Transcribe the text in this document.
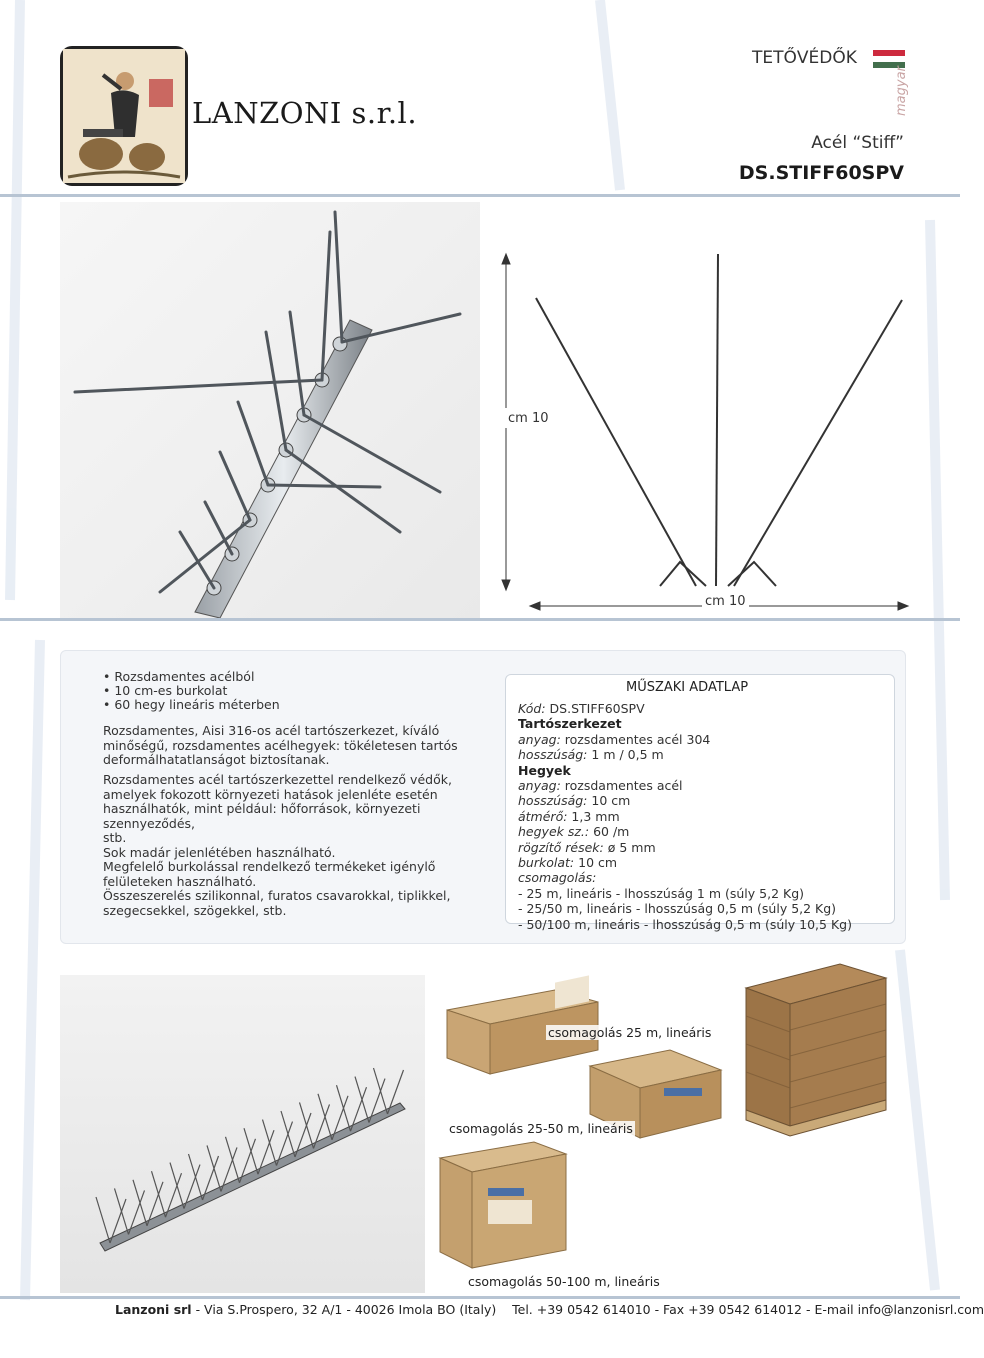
LANZONI s.r.l.
TETŐVÉDŐK
magyar
Acél “Stiff”
DS.STIFF60SPV
cm 10
cm 10
• Rozsdamentes acélból
• 10 cm-es burkolat
• 60 hegy lineáris méterben
Rozsdamentes, Aisi 316-os acél tartószerkezet, kíváló
minőségű, rozsdamentes acélhegyek: tökéletesen tartós
deformálhatatlanságot biztosítanak.
Rozsdamentes acél tartószerkezettel rendelkező védők,
amelyek fokozott környezeti hatások jelenléte esetén
használhatók, mint például: hőforrások, környezeti
szennyeződés,
stb.
Sok madár jelenlétében használható.
Megfelelő burkolással rendelkező termékeket igénylő
felületeken használható.
Összeszerelés szilikonnal, furatos csavarokkal, tiplikkel,
szegecsekkel, szögekkel, stb.
MŰSZAKI ADATLAP
Kód: DS.STIFF60SPV
Tartószerkezet
anyag: rozsdamentes acél 304
hosszúság: 1 m / 0,5 m
Hegyek
anyag: rozsdamentes acél
hosszúság: 10 cm
átmérő: 1,3 mm
hegyek sz.: 60 /m
rögzítő rések: ø 5 mm
burkolat: 10 cm
csomagolás:
- 25 m, lineáris - lhosszúság 1 m (súly 5,2 Kg)
- 25/50 m, lineáris - lhosszúság 0,5 m (súly 5,2 Kg)
- 50/100 m, lineáris - lhosszúság 0,5 m (súly 10,5 Kg)
csomagolás 25 m, lineáris
csomagolás 25-50 m, lineáris
csomagolás 50-100 m, lineáris
Lanzoni srl - Via S.Prospero, 32 A/1 - 40026 Imola BO (Italy) Tel. +39 0542 614010 - Fax +39 0542 614012 - E-mail info@lanzonisrl.com
